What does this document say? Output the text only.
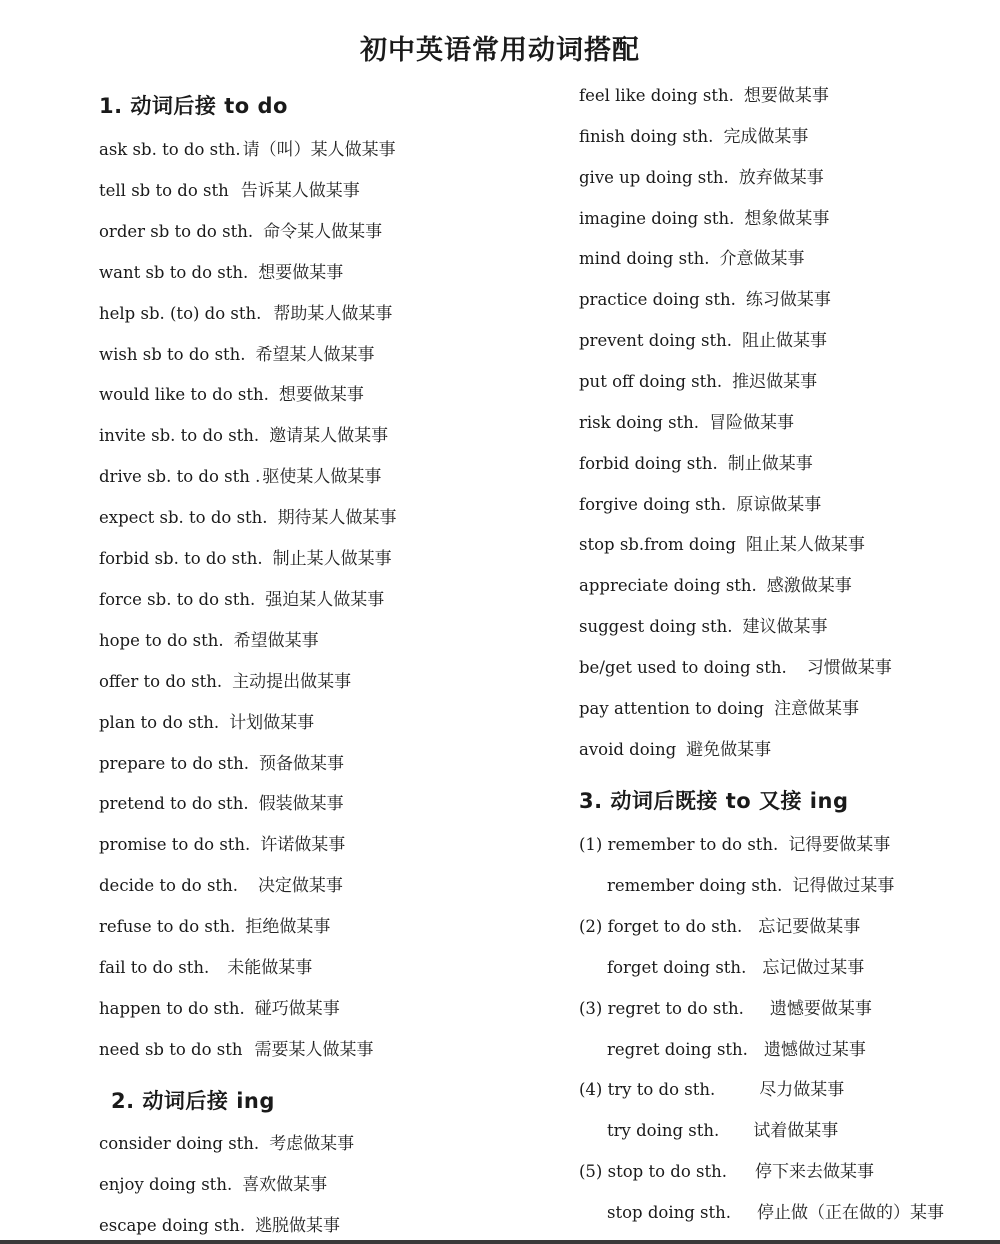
初中英语常用动词搭配
1. 动词后接 to do
ask sb. to do sth. 请（叫）某人做某事
tell sb to do sth 告诉某人做某事
order sb to do sth. 命令某人做某事
want sb to do sth. 想要做某事
help sb. (to) do sth. 帮助某人做某事
wish sb to do sth. 希望某人做某事
would like to do sth. 想要做某事
invite sb. to do sth. 邀请某人做某事
drive sb. to do sth . 驱使某人做某事
expect sb. to do sth. 期待某人做某事
forbid sb. to do sth. 制止某人做某事
force sb. to do sth. 强迫某人做某事
hope to do sth. 希望做某事
offer to do sth. 主动提出做某事
plan to do sth. 计划做某事
prepare to do sth. 预备做某事
pretend to do sth. 假装做某事
promise to do sth. 许诺做某事
decide to do sth. 决定做某事
refuse to do sth. 拒绝做某事
fail to do sth. 未能做某事
happen to do sth. 碰巧做某事
need sb to do sth 需要某人做某事
2. 动词后接 ing
consider doing sth. 考虑做某事
enjoy doing sth. 喜欢做某事
escape doing sth. 逃脱做某事
feel like doing sth. 想要做某事
finish doing sth. 完成做某事
give up doing sth. 放弃做某事
imagine doing sth. 想象做某事
mind doing sth. 介意做某事
practice doing sth. 练习做某事
prevent doing sth. 阻止做某事
put off doing sth. 推迟做某事
risk doing sth. 冒险做某事
forbid doing sth. 制止做某事
forgive doing sth. 原谅做某事
stop sb.from doing 阻止某人做某事
appreciate doing sth. 感激做某事
suggest doing sth. 建议做某事
be/get used to doing sth. 习惯做某事
pay attention to doing 注意做某事
avoid doing 避免做某事
3. 动词后既接 to 又接 ing
(1) remember to do sth. 记得要做某事
remember doing sth. 记得做过某事
(2) forget to do sth. 忘记要做某事
forget doing sth. 忘记做过某事
(3) regret to do sth. 遗憾要做某事
regret doing sth. 遗憾做过某事
(4) try to do sth.	尽力做某事
try doing sth. 试着做某事
(5) stop to do sth. 停下来去做某事
stop doing sth. 停止做（正在做的）某事
